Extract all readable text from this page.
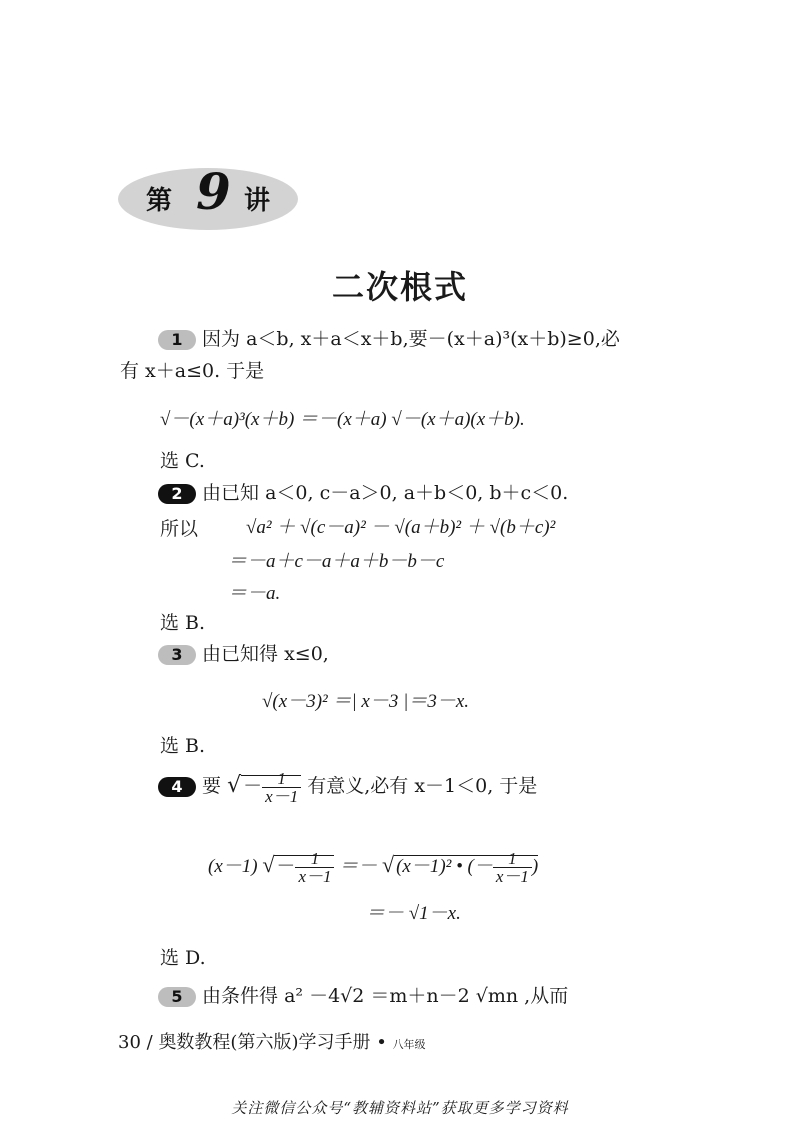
第 9 讲
二次根式
1 因为 a＜b, x＋a＜x＋b,要－(x＋a)³(x＋b)≥0,必
有 x＋a≤0. 于是
√－(x＋a)³(x＋b) ＝－(x＋a) √－(x＋a)(x＋b).
选 C.
2 由已知 a＜0, c－a＞0, a＋b＜0, b＋c＜0.
所以	√a² ＋ √(c－a)² － √(a＋b)² ＋ √(b＋c)²
＝－a＋c－a＋a＋b－b－c
＝－a.
选 B.
3 由已知得 x≤0,
√(x－3)² ＝| x－3 |＝3－x.
选 B.
4 要 √ － $\frac{1}{x-1}$ 有意义,必有 x－1＜0, 于是
(x－1) √ － $\frac{1}{x-1}$ ＝－ √ (x－1)² • (－ $\frac{1}{x-1}$ )
＝－ √1－x.
选 D.
5 由条件得 a² －4√2 ＝m＋n－2 √mn ,从而
30 / 奥数教程(第六版)学习手册 • 八年级
关注微信公众号“教辅资料站”获取更多学习资料
